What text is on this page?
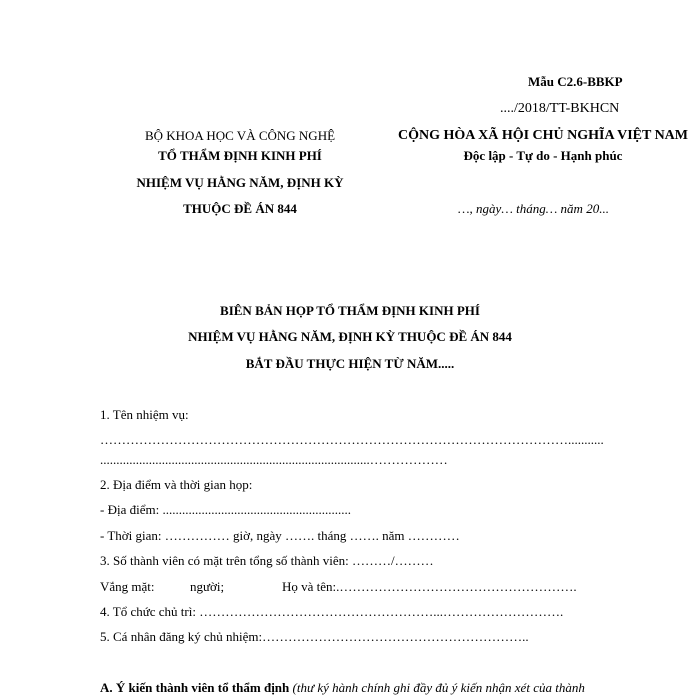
Mẫu C2.6-BBKP
..../2018/TT-BKHCN
BỘ KHOA HỌC VÀ CÔNG NGHỆ
TỔ THẨM ĐỊNH KINH PHÍ
NHIỆM VỤ HẰNG NĂM, ĐỊNH KỲ
THUỘC ĐỀ ÁN 844
CỘNG HÒA XÃ HỘI CHỦ NGHĨA VIỆT NAM
Độc lập - Tự do - Hạnh phúc
…, ngày… tháng… năm 20...
BIÊN BẢN HỌP TỔ THẨM ĐỊNH KINH PHÍ
NHIỆM VỤ HẰNG NĂM, ĐỊNH KỲ THUỘC ĐỀ ÁN 844
BẮT ĐẦU THỰC HIỆN TỪ NĂM.....
1. Tên nhiệm vụ:
………………………………………………………………………………………………...........
...................................................................................………………
2. Địa điểm và thời gian họp:
- Địa điểm: ..........................................................
- Thời gian: …………… giờ, ngày ……. tháng ……. năm …………
3. Số thành viên có mặt trên tổng số thành viên: ………/………
Vắng mặt:	người;	Họ và tên:.……………………………………………….
4. Tổ chức chủ trì: ………………………………………………...……………………….
5. Cá nhân đăng ký chủ nhiệm:……………………………………………………..
A. Ý kiến thành viên tổ thẩm định (thư ký hành chính ghi đầy đủ ý kiến nhận xét của thành
